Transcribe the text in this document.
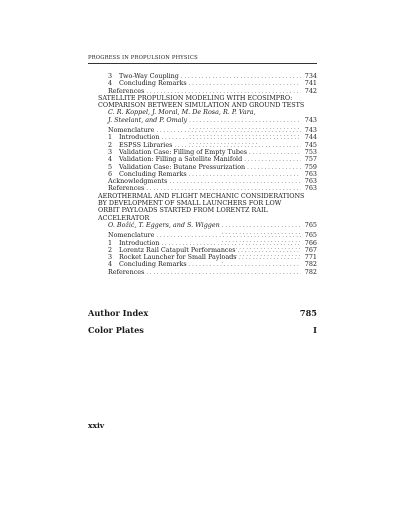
PROGRESS IN PROPULSION PHYSICS
3	Two-Way Coupling . . .	734
4	Concluding Remarks . . .	741
References . . .	742
SATELLITE PROPULSION MODELING WITH ECOSIMPRO:
COMPARISON BETWEEN SIMULATION AND GROUND TESTS
C. R. Koppel, J. Moral, M. De Rosa, R. P. Vara,
J. Steelant, and P. Omaly . . .	743
Nomenclature . . .	743
1	Introduction . . .	744
2	ESPSS Libraries . . .	745
3	Validation Case: Filling of Empty Tubes . . .	753
4	Validation: Filling a Satellite Manifold . . .	757
5	Validation Case: Butane Pressurization . . .	759
6	Concluding Remarks . . .	763
Acknowledgments . . .	763
References . . .	763
AEROTHERMAL AND FLIGHT MECHANIC CONSIDERATIONS
BY DEVELOPMENT OF SMALL LAUNCHERS FOR LOW
ORBIT PAYLOADS STARTED FROM LORENTZ RAIL
ACCELERATOR
O. Božić, T. Eggers, and S. Wiggen . . .	765
Nomenclature . . .	765
1	Introduction . . .	766
2	Lorentz Rail Catapult Performances . . .	767
3	Rocket Launcher for Small Payloads . . .	771
4	Concluding Remarks . . .	782
References . . .	782
Author Index	785
Color Plates	I
xxiv
